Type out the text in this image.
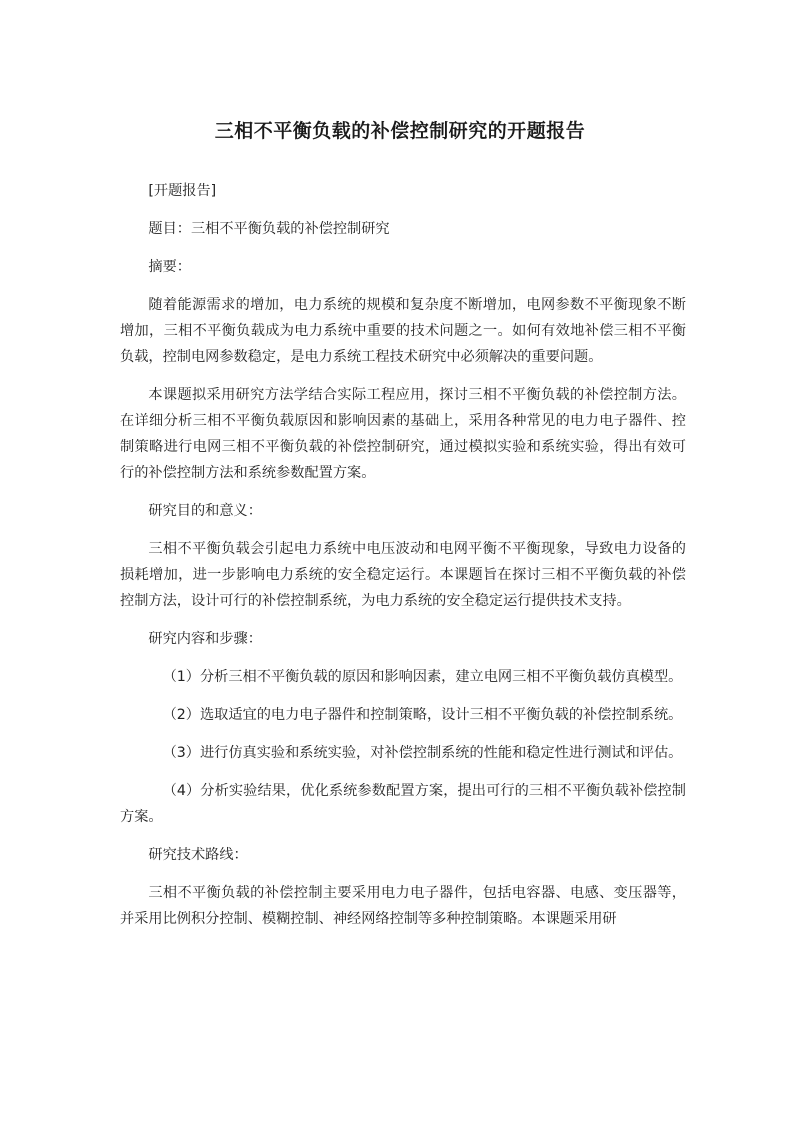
三相不平衡负载的补偿控制研究的开题报告

[开题报告]

题目：三相不平衡负载的补偿控制研究

摘要：

随着能源需求的增加，电力系统的规模和复杂度不断增加，电网参数不平衡现象不断增加，三相不平衡负载成为电力系统中重要的技术问题之一。如何有效地补偿三相不平衡负载，控制电网参数稳定，是电力系统工程技术研究中必须解决的重要问题。

本课题拟采用研究方法学结合实际工程应用，探讨三相不平衡负载的补偿控制方法。在详细分析三相不平衡负载原因和影响因素的基础上，采用各种常见的电力电子器件、控制策略进行电网三相不平衡负载的补偿控制研究，通过模拟实验和系统实验，得出有效可行的补偿控制方法和系统参数配置方案。

研究目的和意义：

三相不平衡负载会引起电力系统中电压波动和电网平衡不平衡现象，导致电力设备的损耗增加，进一步影响电力系统的安全稳定运行。本课题旨在探讨三相不平衡负载的补偿控制方法，设计可行的补偿控制系统，为电力系统的安全稳定运行提供技术支持。

研究内容和步骤：

（1）分析三相不平衡负载的原因和影响因素，建立电网三相不平衡负载仿真模型。

（2）选取适宜的电力电子器件和控制策略，设计三相不平衡负载的补偿控制系统。

（3）进行仿真实验和系统实验，对补偿控制系统的性能和稳定性进行测试和评估。

（4）分析实验结果，优化系统参数配置方案，提出可行的三相不平衡负载补偿控制方案。

研究技术路线：

三相不平衡负载的补偿控制主要采用电力电子器件，包括电容器、电感、变压器等，并采用比例积分控制、模糊控制、神经网络控制等多种控制策略。本课题采用研
